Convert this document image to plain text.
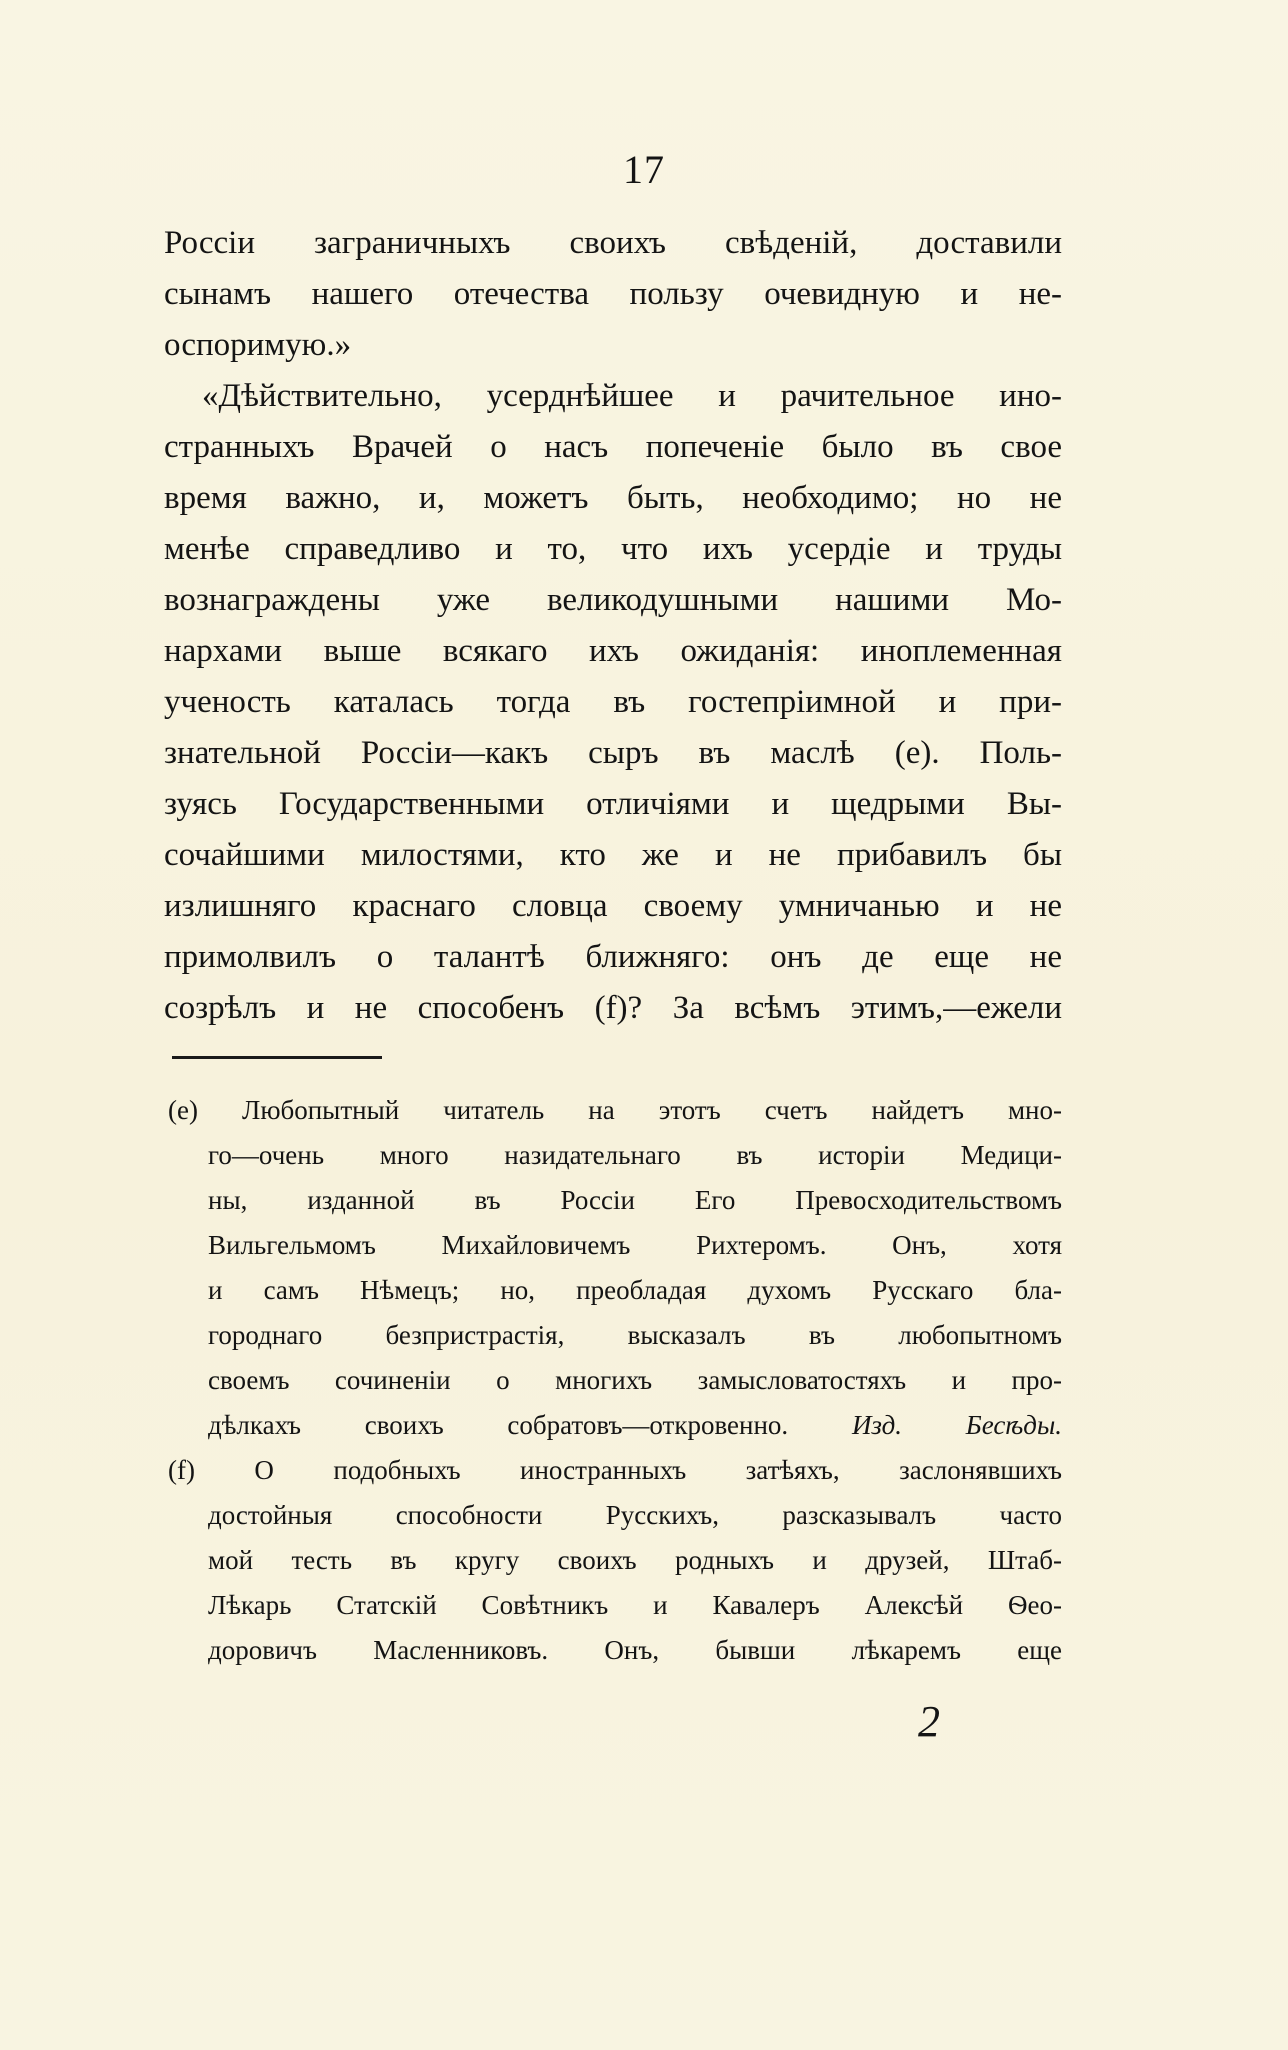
17
Россіи заграничныхъ своихъ свѣденій, доставили
сынамъ нашего отечества пользу очевидную и не-
оспоримую.»
«Дѣйствительно, усерднѣйшее и рачительное ино-
странныхъ Врачей о насъ попеченіе было въ свое
время важно, и, можетъ быть, необходимо; но не
менѣе справедливо и то, что ихъ усердіе и труды
вознаграждены уже великодушными нашими Мо-
нархами выше всякаго ихъ ожиданія: иноплеменная
ученость каталась тогда въ гостепріимной и при-
знательной Россіи—какъ сыръ въ маслѣ (e). Поль-
зуясь Государственными отличіями и щедрыми Вы-
сочайшими милостями, кто же и не прибавилъ бы
излишняго краснаго словца своему умничанью и не
примолвилъ о талантѣ ближняго: онъ де еще не
созрѣлъ и не способенъ (f)? За всѣмъ этимъ,—ежели
(e) Любопытный читатель на этотъ счетъ найдетъ мно-
го—очень много назидательнаго въ исторіи Медици-
ны, изданной въ Россіи Его Превосходительствомъ
Вильгельмомъ Михайловичемъ Рихтеромъ. Онъ, хотя
и самъ Нѣмецъ; но, преобладая духомъ Русскаго бла-
городнаго безпристрастія, высказалъ въ любопытномъ
своемъ сочиненіи о многихъ замысловатостяхъ и про-
дѣлкахъ своихъ собратовъ—откровенно. Изд. Бесѣды.
(f) О подобныхъ иностранныхъ затѣяхъ, заслонявшихъ
достойныя способности Русскихъ, разсказывалъ часто
мой тесть въ кругу своихъ родныхъ и друзей, Штаб-
Лѣкарь Статскій Совѣтникъ и Кавалеръ Алексѣй Ѳео-
доровичъ Масленниковъ. Онъ, бывши лѣкаремъ еще
2
